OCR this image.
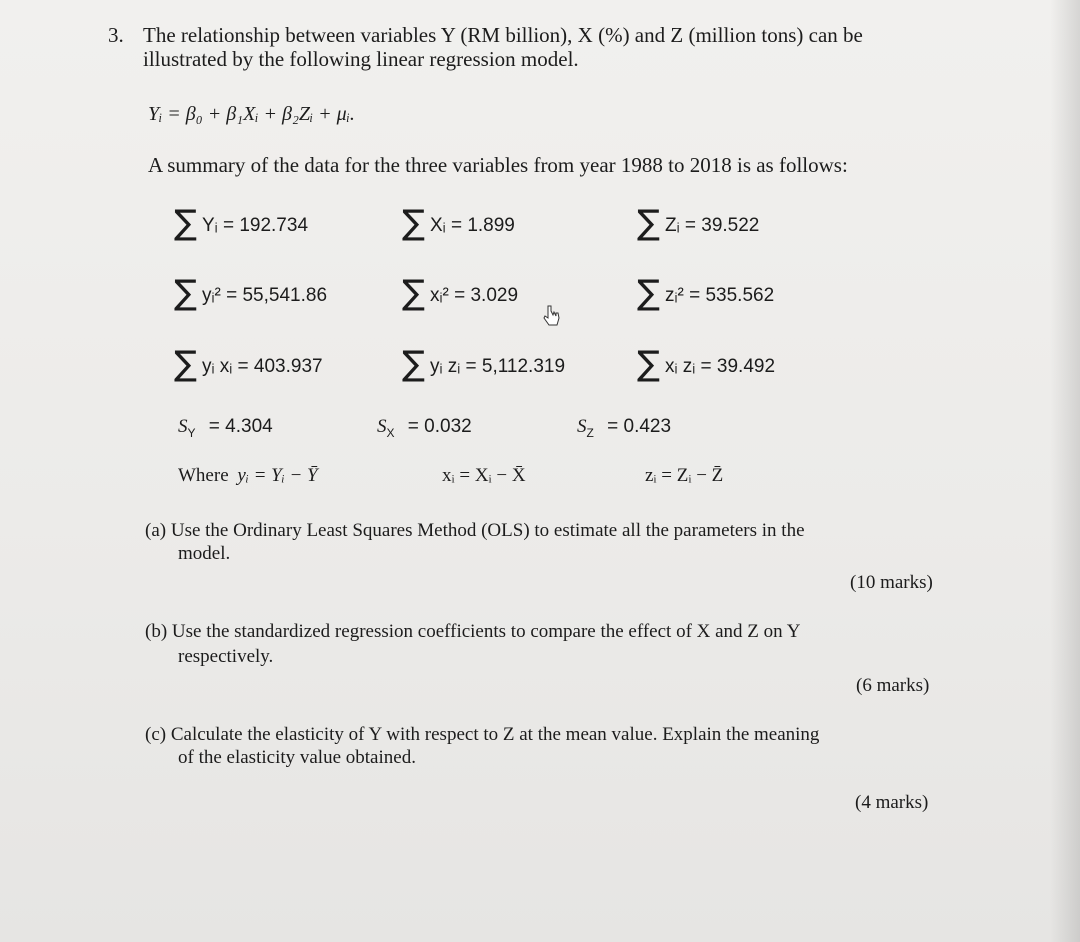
3. The relationship between variables Y (RM billion), X (%) and Z (million tons) can be
illustrated by the following linear regression model.
Yᵢ = β₀ + β₁Xᵢ + β₂Zᵢ + μᵢ.
A summary of the data for the three variables from year 1988 to 2018 is as follows:
∑ Yᵢ = 192.734	∑ Xᵢ = 1.899	∑ Zᵢ = 39.522
∑ yᵢ² = 55,541.86 ∑ xᵢ² = 3.029	∑ zᵢ² = 535.562
∑ yᵢ xᵢ = 403.937 ∑ yᵢ zᵢ = 5,112.319 ∑ xᵢ zᵢ = 39.492
$S_Y = 4.304$	$S_X = 0.032$	$S_Z = 0.423$
Where yᵢ = Yᵢ − Ȳ	xᵢ = Xᵢ − X̄	zᵢ = Zᵢ − Z̄
(a) Use the Ordinary Least Squares Method (OLS) to estimate all the parameters in the
model.
(10 marks)
(b) Use the standardized regression coefficients to compare the effect of X and Z on Y
respectively.
(6 marks)
(c) Calculate the elasticity of Y with respect to Z at the mean value. Explain the meaning
of the elasticity value obtained.
(4 marks)
